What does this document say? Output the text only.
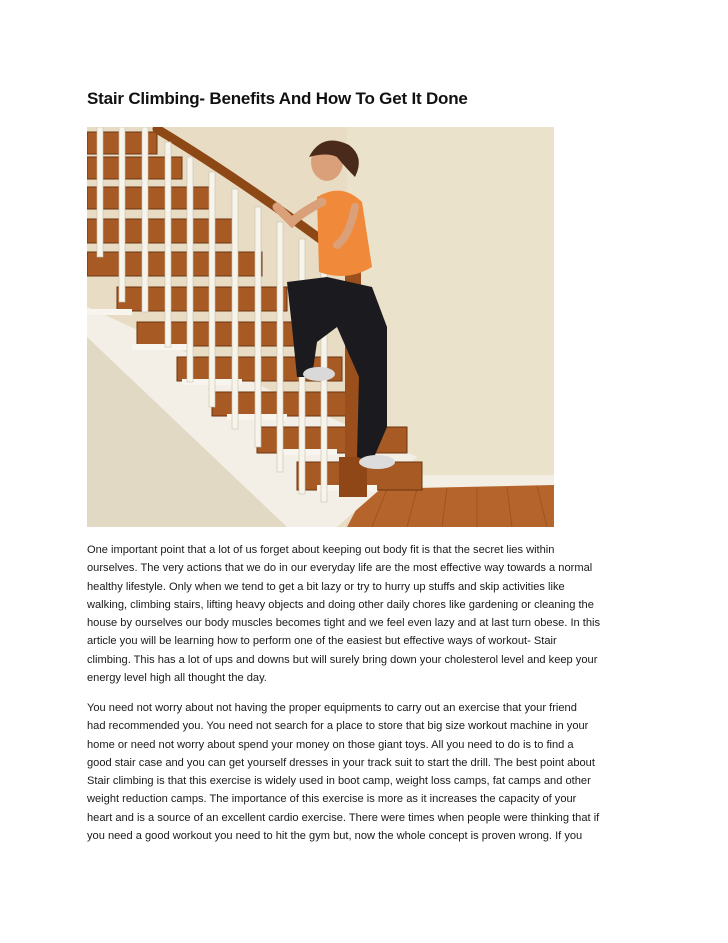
Stair Climbing- Benefits And How To Get It Done

One important point that a lot of us forget about keeping out body fit is that the secret lies within
ourselves. The very actions that we do in our everyday life are the most effective way towards a normal
healthy lifestyle. Only when we tend to get a bit lazy or try to hurry up stuffs and skip activities like
walking, climbing stairs, lifting heavy objects and doing other daily chores like gardening or cleaning the
house by ourselves our body muscles becomes tight and we feel even lazy and at last turn obese. In this
article you will be learning how to perform one of the easiest but effective ways of workout- Stair
climbing. This has a lot of ups and downs but will surely bring down your cholesterol level and keep your
energy level high all thought the day.

You need not worry about not having the proper equipments to carry out an exercise that your friend
had recommended you. You need not search for a place to store that big size workout machine in your
home or need not worry about spend your money on those giant toys. All you need to do is to find a
good stair case and you can get yourself dresses in your track suit to start the drill. The best point about
Stair climbing is that this exercise is widely used in boot camp, weight loss camps, fat camps and other
weight reduction camps. The importance of this exercise is more as it increases the capacity of your
heart and is a source of an excellent cardio exercise. There were times when people were thinking that if
you need a good workout you need to hit the gym but, now the whole concept is proven wrong. If you
